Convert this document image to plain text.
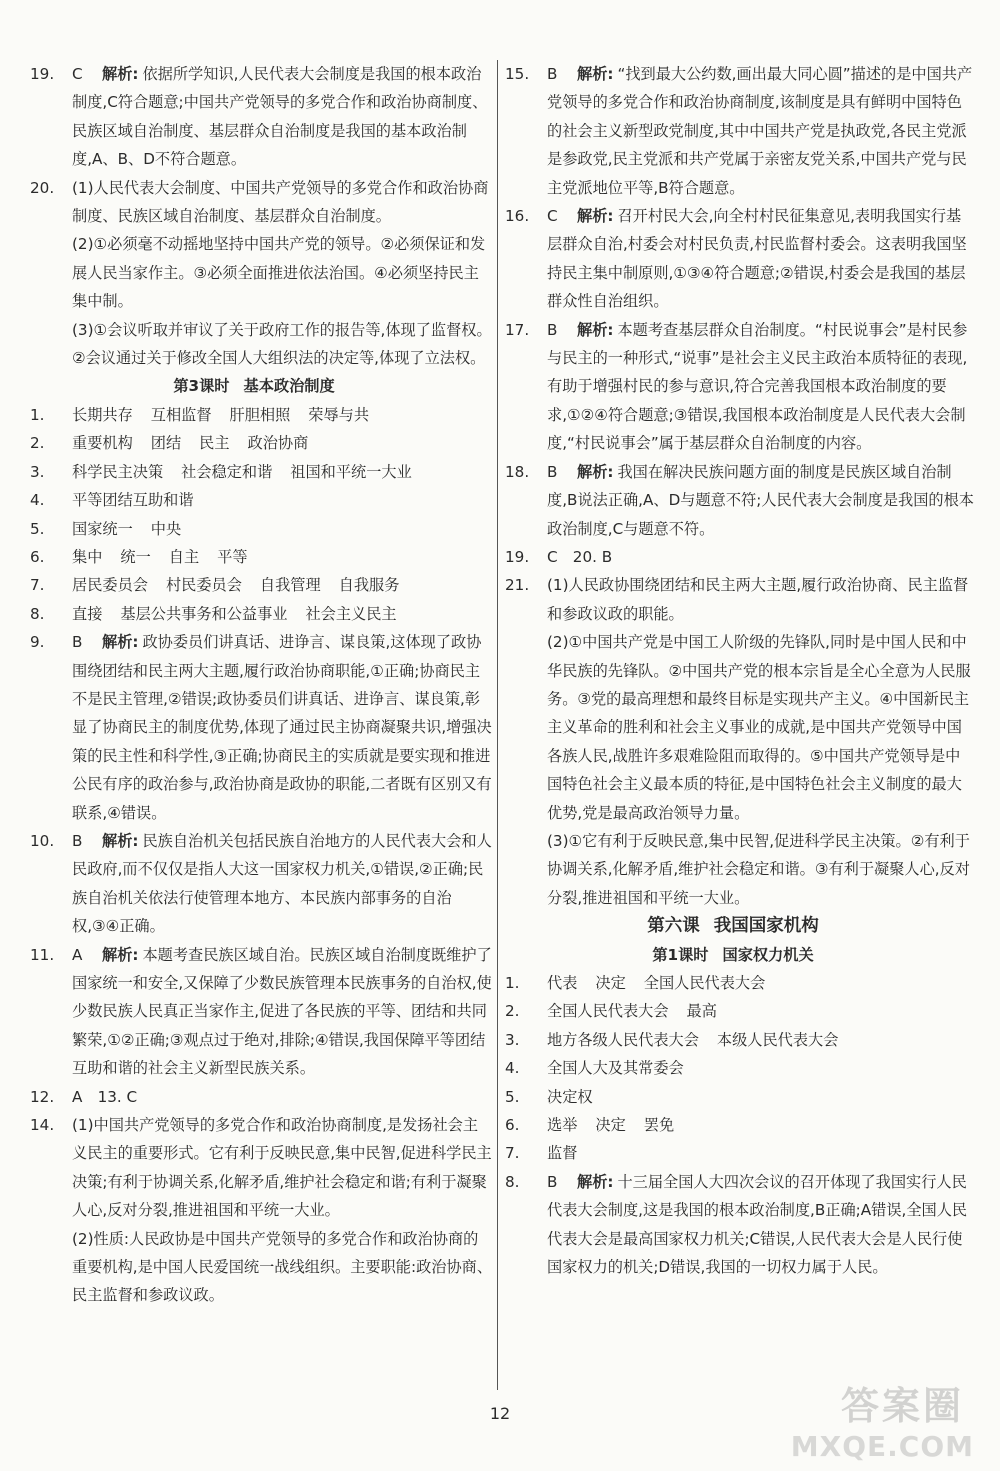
19.	C 解析: 依据所学知识,人民代表大会制度是我国的根本政治制度,C符合题意;中国共产党领导的多党合作和政治协商制度、民族区域自治制度、基层群众自治制度是我国的基本政治制度,A、B、D不符合题意。
20.	(1)人民代表大会制度、中国共产党领导的多党合作和政治协商制度、民族区域自治制度、基层群众自治制度。
(2)①必须毫不动摇地坚持中国共产党的领导。②必须保证和发展人民当家作主。③必须全面推进依法治国。④必须坚持民主集中制。
(3)①会议听取并审议了关于政府工作的报告等,体现了监督权。②会议通过关于修改全国人大组织法的决定等,体现了立法权。
第3课时 基本政治制度
1.	长期共存 互相监督 肝胆相照 荣辱与共
2.	重要机构 团结 民主 政治协商
3.	科学民主决策 社会稳定和谐 祖国和平统一大业
4.	平等团结互助和谐
5.	国家统一 中央
6.	集中 统一 自主 平等
7.	居民委员会 村民委员会 自我管理 自我服务
8.	直接 基层公共事务和公益事业 社会主义民主
9.	B 解析: 政协委员们讲真话、进诤言、谋良策,这体现了政协围绕团结和民主两大主题,履行政治协商职能,①正确;协商民主不是民主管理,②错误;政协委员们讲真话、进诤言、谋良策,彰显了协商民主的制度优势,体现了通过民主协商凝聚共识,增强决策的民主性和科学性,③正确;协商民主的实质就是要实现和推进公民有序的政治参与,政治协商是政协的职能,二者既有区别又有联系,④错误。
10.	B 解析: 民族自治机关包括民族自治地方的人民代表大会和人民政府,而不仅仅是指人大这一国家权力机关,①错误,②正确;民族自治机关依法行使管理本地方、本民族内部事务的自治权,③④正确。
11.	A 解析: 本题考查民族区域自治。民族区域自治制度既维护了国家统一和安全,又保障了少数民族管理本民族事务的自治权,使少数民族人民真正当家作主,促进了各民族的平等、团结和共同繁荣,①②正确;③观点过于绝对,排除;④错误,我国保障平等团结互助和谐的社会主义新型民族关系。
12.	A　13. C
14.	(1)中国共产党领导的多党合作和政治协商制度,是发扬社会主义民主的重要形式。它有利于反映民意,集中民智,促进科学民主决策;有利于协调关系,化解矛盾,维护社会稳定和谐;有利于凝聚人心,反对分裂,推进祖国和平统一大业。
(2)性质:人民政协是中国共产党领导的多党合作和政治协商的重要机构,是中国人民爱国统一战线组织。主要职能:政治协商、民主监督和参政议政。
15.	B 解析: “找到最大公约数,画出最大同心圆”描述的是中国共产党领导的多党合作和政治协商制度,该制度是具有鲜明中国特色的社会主义新型政党制度,其中中国共产党是执政党,各民主党派是参政党,民主党派和共产党属于亲密友党关系,中国共产党与民主党派地位平等,B符合题意。
16.	C 解析: 召开村民大会,向全村村民征集意见,表明我国实行基层群众自治,村委会对村民负责,村民监督村委会。这表明我国坚持民主集中制原则,①③④符合题意;②错误,村委会是我国的基层群众性自治组织。
17.	B 解析: 本题考查基层群众自治制度。“村民说事会”是村民参与民主的一种形式,“说事”是社会主义民主政治本质特征的表现,有助于增强村民的参与意识,符合完善我国根本政治制度的要求,①②④符合题意;③错误,我国根本政治制度是人民代表大会制度,“村民说事会”属于基层群众自治制度的内容。
18.	B 解析: 我国在解决民族问题方面的制度是民族区域自治制度,B说法正确,A、D与题意不符;人民代表大会制度是我国的根本政治制度,C与题意不符。
19.	C　20. B
21.	(1)人民政协围绕团结和民主两大主题,履行政治协商、民主监督和参政议政的职能。
(2)①中国共产党是中国工人阶级的先锋队,同时是中国人民和中华民族的先锋队。②中国共产党的根本宗旨是全心全意为人民服务。③党的最高理想和最终目标是实现共产主义。④中国新民主主义革命的胜利和社会主义事业的成就,是中国共产党领导中国各族人民,战胜许多艰难险阻而取得的。⑤中国共产党领导是中国特色社会主义最本质的特征,是中国特色社会主义制度的最大优势,党是最高政治领导力量。
(3)①它有利于反映民意,集中民智,促进科学民主决策。②有利于协调关系,化解矛盾,维护社会稳定和谐。③有利于凝聚人心,反对分裂,推进祖国和平统一大业。
第六课 我国国家机构
第1课时 国家权力机关
1.	代表 决定 全国人民代表大会
2.	全国人民代表大会 最高
3.	地方各级人民代表大会 本级人民代表大会
4.	全国人大及其常委会
5.	决定权
6.	选举 决定 罢免
7.	监督
8.	B 解析: 十三届全国人大四次会议的召开体现了我国实行人民代表大会制度,这是我国的根本政治制度,B正确;A错误,全国人民代表大会是最高国家权力机关;C错误,人民代表大会是人民行使国家权力的机关;D错误,我国的一切权力属于人民。
12	答案圈
MXQE.COM
